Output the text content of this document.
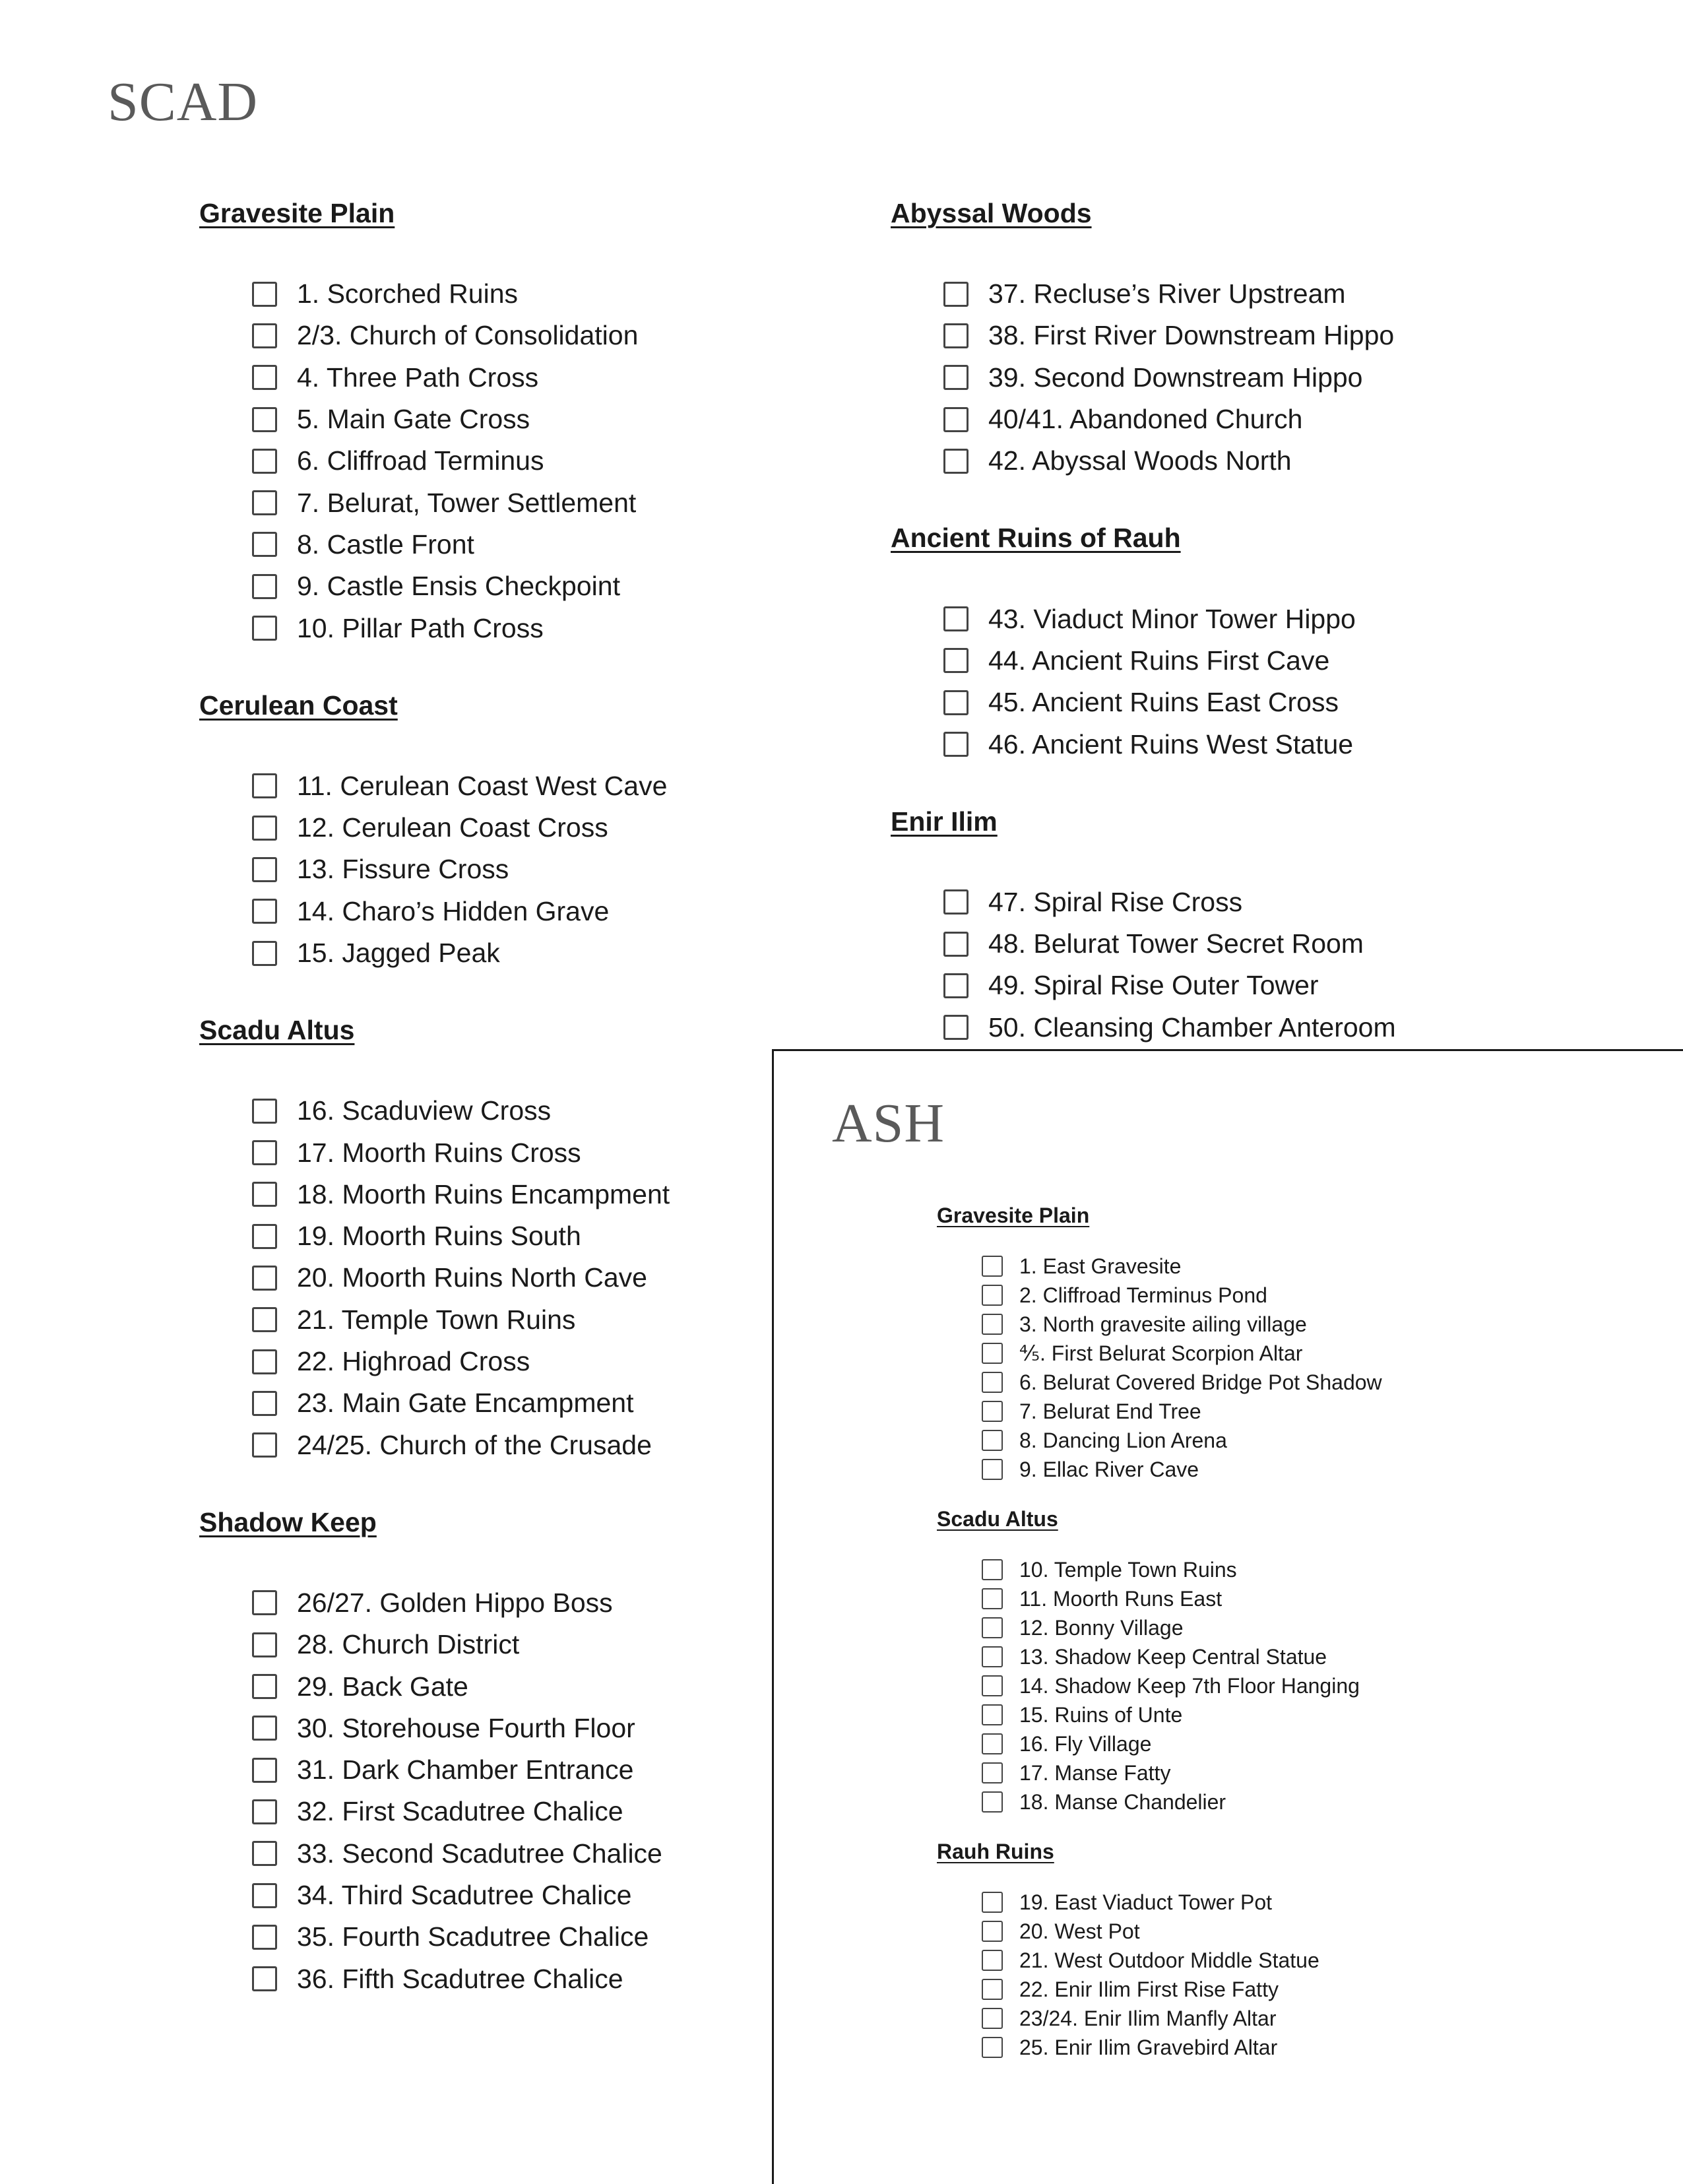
SCAD
Gravesite Plain
1. Scorched Ruins
2/3. Church of Consolidation
4. Three Path Cross
5. Main Gate Cross
6. Cliffroad Terminus
7. Belurat, Tower Settlement
8. Castle Front
9. Castle Ensis Checkpoint
10. Pillar Path Cross
Cerulean Coast
11. Cerulean Coast West Cave
12. Cerulean Coast Cross
13. Fissure Cross
14. Charo’s Hidden Grave
15. Jagged Peak
Scadu Altus
16. Scaduview Cross
17. Moorth Ruins Cross
18. Moorth Ruins Encampment
19. Moorth Ruins South
20. Moorth Ruins North Cave
21. Temple Town Ruins
22. Highroad Cross
23. Main Gate Encampment
24/25. Church of the Crusade
Shadow Keep
26/27. Golden Hippo Boss
28. Church District
29. Back Gate
30. Storehouse Fourth Floor
31. Dark Chamber Entrance
32. First Scadutree Chalice
33. Second Scadutree Chalice
34. Third Scadutree Chalice
35. Fourth Scadutree Chalice
36. Fifth Scadutree Chalice
Abyssal Woods
37. Recluse’s River Upstream
38. First River Downstream Hippo
39. Second Downstream Hippo
40/41. Abandoned Church
42. Abyssal Woods North
Ancient Ruins of Rauh
43. Viaduct Minor Tower Hippo
44. Ancient Ruins First Cave
45. Ancient Ruins East Cross
46. Ancient Ruins West Statue
Enir Ilim
47. Spiral Rise Cross
48. Belurat Tower Secret Room
49. Spiral Rise Outer Tower
50. Cleansing Chamber Anteroom
ASH
Gravesite Plain
1. East Gravesite
2. Cliffroad Terminus Pond
3. North gravesite ailing village
⅘. First Belurat Scorpion Altar
6. Belurat Covered Bridge Pot Shadow
7. Belurat End Tree
8. Dancing Lion Arena
9. Ellac River Cave
Scadu Altus
10. Temple Town Ruins
11. Moorth Runs East
12. Bonny Village
13. Shadow Keep Central Statue
14. Shadow Keep 7th Floor Hanging
15. Ruins of Unte
16. Fly Village
17. Manse Fatty
18. Manse Chandelier
Rauh Ruins
19. East Viaduct Tower Pot
20. West Pot
21. West Outdoor Middle Statue
22. Enir Ilim First Rise Fatty
23/24. Enir Ilim Manfly Altar
25. Enir Ilim Gravebird Altar
